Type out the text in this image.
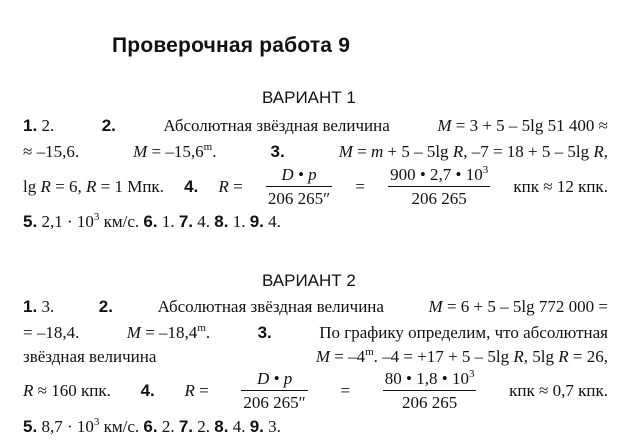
Проверочная работа 9
ВАРИАНТ 1
1. 2.	2.	Абсолютная звёздная величина	M = 3 + 5 – 5lg 51 400 ≈
≈ –15,6.	$M = -15,6^m$.	3.	M = m + 5 – 5lg R, –7 = 18 + 5 – 5lg R,
lg R = 6, R = 1 Мпк. 4. $R = \frac{D • p}{206 265''} = \frac{900 • 2,7 • 10^3}{206 265}$ кпк ≈ 12 кпк.
5. $2,1 \cdot 10^3$ км/с. 6. 1. 7. 4. 8. 1. 9. 4.
ВАРИАНТ 2
1. 3.	2.	Абсолютная звёздная величина	M = 6 + 5 – 5lg 772 000 =
= –18,4.	$M = -18,4^m$.	3.	По графику определим, что абсолютная
звёздная величина	$M = -4^m$. –4 = +17 + 5 – 5lg R, 5lg R = 26,
R ≈ 160 кпк. 4. $R = \frac{D • p}{206 265''} = \frac{80 • 1,8 • 10^3}{206 265}$ кпк ≈ 0,7 кпк.
5. $8,7 \cdot 10^3$ км/с. 6. 2. 7. 2. 8. 4. 9. 3.
